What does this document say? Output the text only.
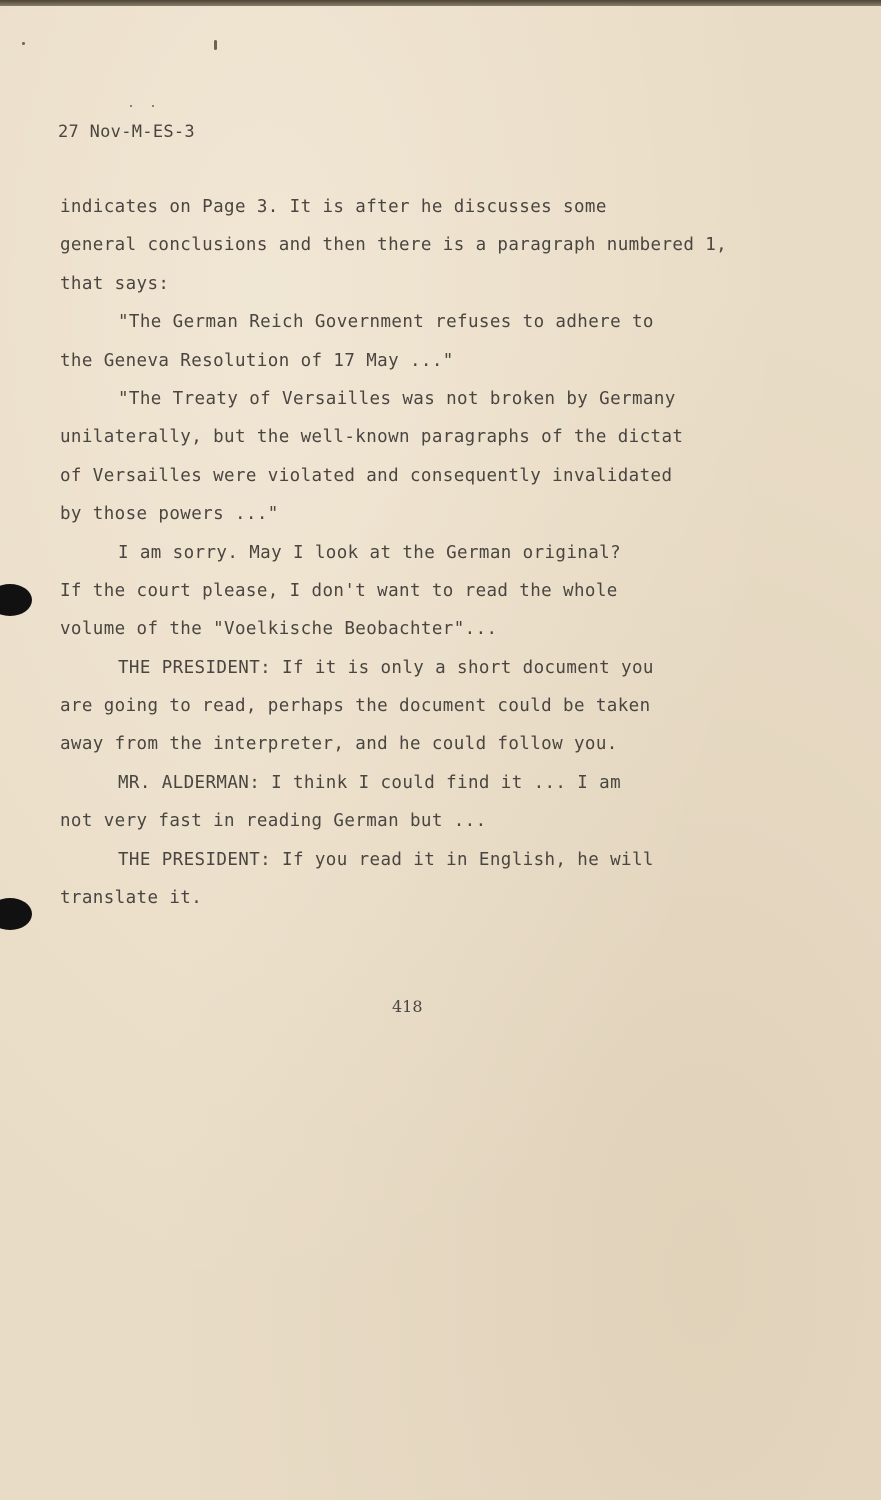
27 Nov-M-ES-3
indicates on Page 3. It is after he discusses some
general conclusions and then there is a paragraph numbered 1,
that says:
"The German Reich Government refuses to adhere to
the Geneva Resolution of 17 May ..."
"The Treaty of Versailles was not broken by Germany
unilaterally, but the well-known paragraphs of the dictat
of Versailles were violated and consequently invalidated
by those powers ..."
I am sorry. May I look at the German original?
If the court please, I don't want to read the whole
volume of the "Voelkische Beobachter"...
THE PRESIDENT: If it is only a short document you
are going to read, perhaps the document could be taken
away from the interpreter, and he could follow you.
MR. ALDERMAN: I think I could find it ... I am
not very fast in reading German but ...
THE PRESIDENT: If you read it in English, he will
translate it.
418
